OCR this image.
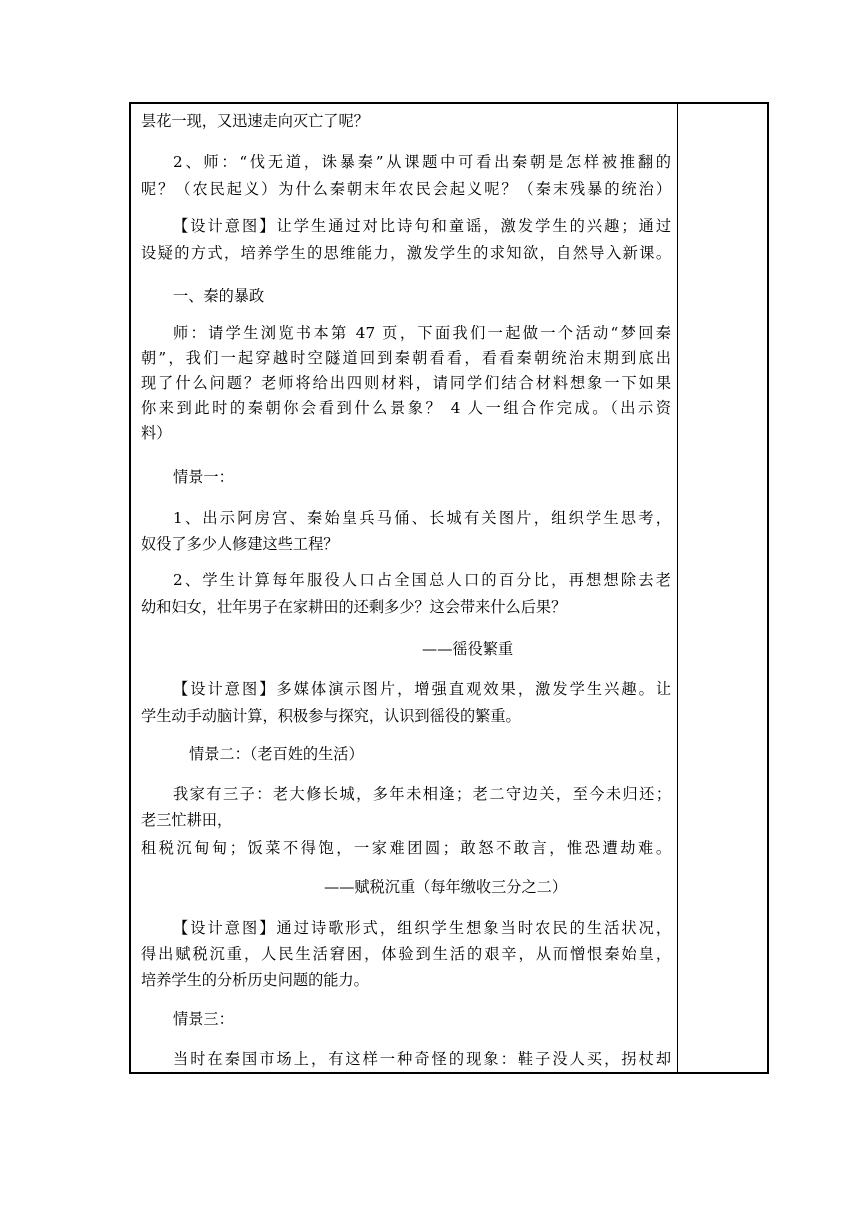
昙花一现，又迅速走向灭亡了呢？
2、师：“伐无道，诛暴秦”从课题中可看出秦朝是怎样被推翻的
呢？（农民起义）为什么秦朝末年农民会起义呢？（秦末残暴的统治）
【设计意图】让学生通过对比诗句和童谣，激发学生的兴趣；通过
设疑的方式，培养学生的思维能力，激发学生的求知欲，自然导入新课。
一、秦的暴政
师：请学生浏览书本第 47 页，下面我们一起做一个活动“梦回秦
朝”，我们一起穿越时空隧道回到秦朝看看，看看秦朝统治末期到底出
现了什么问题？老师将给出四则材料，请同学们结合材料想象一下如果
你来到此时的秦朝你会看到什么景象？ 4 人一组合作完成。（出示资
料）
情景一：
1、出示阿房宫、秦始皇兵马俑、长城有关图片，组织学生思考，
奴役了多少人修建这些工程？
2、学生计算每年服役人口占全国总人口的百分比，再想想除去老
幼和妇女，壮年男子在家耕田的还剩多少？这会带来什么后果？
——徭役繁重
【设计意图】多媒体演示图片，增强直观效果，激发学生兴趣。让
学生动手动脑计算，积极参与探究，认识到徭役的繁重。
情景二：（老百姓的生活）
我家有三子：老大修长城，多年未相逢；老二守边关，至今未归还；
老三忙耕田，
租税沉甸甸；饭菜不得饱，一家难团圆；敢怒不敢言，惟恐遭劫难。
——赋税沉重（每年缴收三分之二）
【设计意图】通过诗歌形式，组织学生想象当时农民的生活状况，
得出赋税沉重，人民生活窘困，体验到生活的艰辛，从而憎恨秦始皇，
培养学生的分析历史问题的能力。
情景三：
当时在秦国市场上，有这样一种奇怪的现象：鞋子没人买，拐杖却
